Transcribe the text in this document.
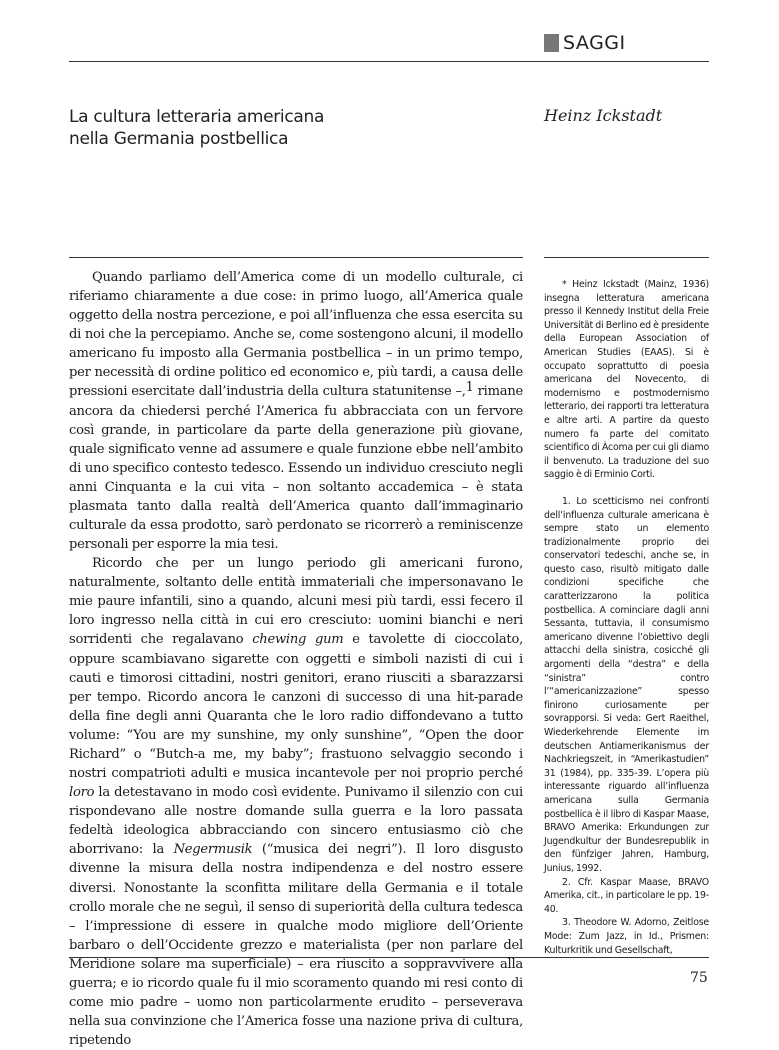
SAGGI
La cultura letteraria americana
nella Germania postbellica
Heinz Ickstadt

Quando parliamo dell’America come di un modello culturale, ci riferiamo chiaramente a due cose: in primo luogo, all’America quale oggetto della nostra percezione, e poi all’influenza che essa esercita su di noi che la percepiamo. Anche se, come sostengono alcuni, il modello americano fu imposto alla Germania postbellica – in un primo tempo, per necessità di ordine politico ed economico e, più tardi, a causa delle pressioni esercitate dall’industria della cultura statunitense –,$^1$ rimane ancora da chiedersi perché l’America fu abbracciata con un fervore così grande, in particolare da parte della generazione più giovane, quale significato venne ad assumere e quale funzione ebbe nell’ambito di uno specifico contesto tedesco. Essendo un individuo cresciuto negli anni Cinquanta e la cui vita – non soltanto accademica – è stata plasmata tanto dalla realtà dell’America quanto dall’immaginario culturale da essa prodotto, sarò perdonato se ricorrerò a reminiscenze personali per esporre la mia tesi.

Ricordo che per un lungo periodo gli americani furono, naturalmente, soltanto delle entità immateriali che impersonavano le mie paure infantili, sino a quando, alcuni mesi più tardi, essi fecero il loro ingresso nella città in cui ero cresciuto: uomini bianchi e neri sorridenti che regalavano chewing gum e tavolette di cioccolato, oppure scambiavano sigarette con oggetti e simboli nazisti di cui i cauti e timorosi cittadini, nostri genitori, erano riusciti a sbarazzarsi per tempo. Ricordo ancora le canzoni di successo di una hit-parade della fine degli anni Quaranta che le loro radio diffondevano a tutto volume: “You are my sunshine, my only sunshine”, “Open the door Richard” o “Butch-a me, my baby”; frastuono selvaggio secondo i nostri compatrioti adulti e musica incantevole per noi proprio perché loro la detestavano in modo così evidente. Punivamo il silenzio con cui rispondevano alle nostre domande sulla guerra e la loro passata fedeltà ideologica abbracciando con sincero entusiasmo ciò che aborrivano: la Negermusik (“musica dei negri”). Il loro disgusto divenne la misura della nostra indipendenza e del nostro essere diversi. Nonostante la sconfitta militare della Germania e il totale crollo morale che ne seguì, il senso di superiorità della cultura tedesca – l’impressione di essere in qualche modo migliore dell’Oriente barbaro o dell’Occidente grezzo e materialista (per non parlare del Meridione solare ma superficiale) – era riuscito a soppravvivere alla guerra; e io ricordo quale fu il mio scoramento quando mi resi conto di come mio padre – uomo non particolarmente erudito – perseverava nella sua convinzione che l’America fosse una nazione priva di cultura, ripetendo

* Heinz Ickstadt (Mainz, 1936) insegna letteratura americana presso il Kennedy Institut della Freie Universität di Berlino ed è presidente della European Association of American Studies (EAAS). Si è occupato soprattutto di poesia americana del Novecento, di modernismo e postmodernismo letterario, dei rapporti tra letteratura e altre arti. A partire da questo numero fa parte del comitato scientifico di Àcoma per cui gli diamo il benvenuto. La traduzione del suo saggio è di Erminio Corti.

1. Lo scetticismo nei confronti dell’influenza culturale americana è sempre stato un elemento tradizionalmente proprio dei conservatori tedeschi, anche se, in questo caso, risultò mitigato dalle condizioni specifiche che caratterizzarono la politica postbellica. A cominciare dagli anni Sessanta, tuttavia, il consumismo americano divenne l’obiettivo degli attacchi della sinistra, cosicché gli argomenti della “destra” e della “sinistra” contro l’“americanizzazione” spesso finirono curiosamente per sovrapporsi. Si veda: Gert Raeithel, Wiederkehrende Elemente im deutschen Antiamerikanismus der Nachkriegszeit, in “Amerikastudien” 31 (1984), pp. 335-39. L’opera più interessante riguardo all’influenza americana sulla Germania postbellica è il libro di Kaspar Maase, BRAVO Amerika: Erkundungen zur Jugendkultur der Bundesrepublik in den fünfziger Jahren, Hamburg, Junius, 1992.

2. Cfr. Kaspar Maase, BRAVO Amerika, cit., in particolare le pp. 19-40.

3. Theodore W. Adorno, Zeitlose Mode: Zum Jazz, in Id., Prismen: Kulturkritik und Gesellschaft,

75
